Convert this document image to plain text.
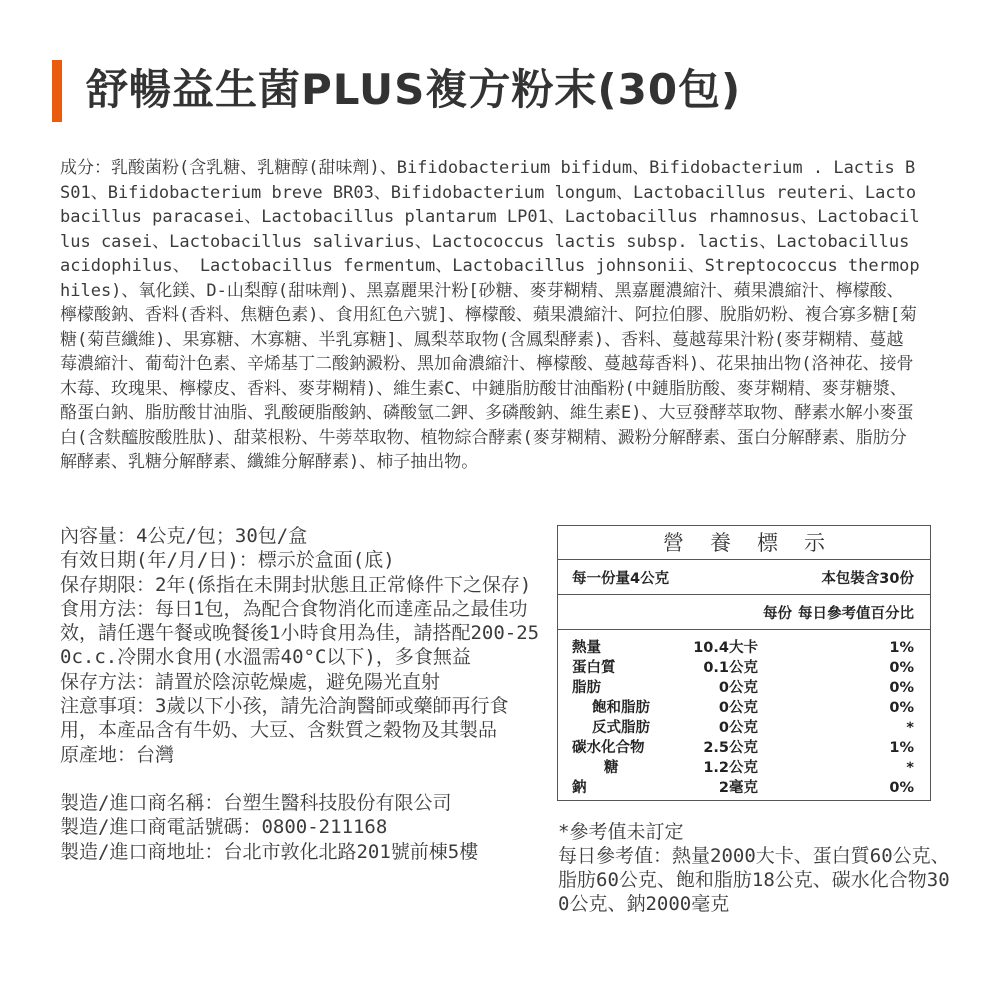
舒暢益生菌PLUS複方粉末(30包)

成分：乳酸菌粉(含乳糖、乳糖醇(甜味劑)、Bifidobacterium bifidum、Bifidobacterium . Lactis BS01、Bifidobacterium breve BR03、Bifidobacterium longum、Lactobacillus reuteri、Lactobacillus paracasei、Lactobacillus plantarum LP01、Lactobacillus rhamnosus、Lactobacillus casei、Lactobacillus salivarius、Lactococcus lactis subsp. lactis、Lactobacillus acidophilus、 Lactobacillus fermentum、Lactobacillus johnsonii、Streptococcus thermophiles)、氧化鎂、D-山梨醇(甜味劑)、黑嘉麗果汁粉[砂糖、麥芽糊精、黑嘉麗濃縮汁、蘋果濃縮汁、檸檬酸、檸檬酸鈉、香料(香料、焦糖色素)、食用紅色六號]、檸檬酸、蘋果濃縮汁、阿拉伯膠、脫脂奶粉、複合寡多糖[菊糖(菊苣纖維)、果寡糖、木寡糖、半乳寡糖]、鳳梨萃取物(含鳳梨酵素)、香料、蔓越莓果汁粉(麥芽糊精、蔓越莓濃縮汁、葡萄汁色素、辛烯基丁二酸鈉澱粉、黑加侖濃縮汁、檸檬酸、蔓越莓香料)、花果抽出物(洛神花、接骨木莓、玫瑰果、檸檬皮、香料、麥芽糊精)、維生素C、中鏈脂肪酸甘油酯粉(中鏈脂肪酸、麥芽糊精、麥芽糖漿、酪蛋白鈉、脂肪酸甘油脂、乳酸硬脂酸鈉、磷酸氫二鉀、多磷酸鈉、維生素E)、大豆發酵萃取物、酵素水解小麥蛋白(含麩醯胺酸胜肽)、甜菜根粉、牛蒡萃取物、植物綜合酵素(麥芽糊精、澱粉分解酵素、蛋白分解酵素、脂肪分解酵素、乳糖分解酵素、纖維分解酵素)、柿子抽出物。

內容量：4公克/包；30包/盒
有效日期(年/月/日)：標示於盒面(底)
保存期限：2年(係指在未開封狀態且正常條件下之保存)
食用方法：每日1包，為配合食物消化而達產品之最佳功效，請任選午餐或晚餐後1小時食用為佳，請搭配200-250c.c.冷開水食用(水溫需40°C以下)，多食無益
保存方法：請置於陰涼乾燥處，避免陽光直射
注意事項：3歲以下小孩，請先洽詢醫師或藥師再行食用，本產品含有牛奶、大豆、含麩質之穀物及其製品
原產地：台灣
製造/進口商名稱：台塑生醫科技股份有限公司
製造/進口商電話號碼：0800-211168
製造/進口商地址：台北市敦化北路201號前棟5樓
營養標示
每一份量4公克	本包裝含30份
每份 每日參考值百分比
熱量	10.4大卡	1%
蛋白質	0.1公克	0%
脂肪	0公克	0%
飽和脂肪	0公克	0%
反式脂肪	0公克	*
碳水化合物	2.5公克	1%
糖	1.2公克	*
鈉	2毫克	0%
*參考值未訂定
每日參考值：熱量2000大卡、蛋白質60公克、脂肪60公克、飽和脂肪18公克、碳水化合物300公克、鈉2000毫克
